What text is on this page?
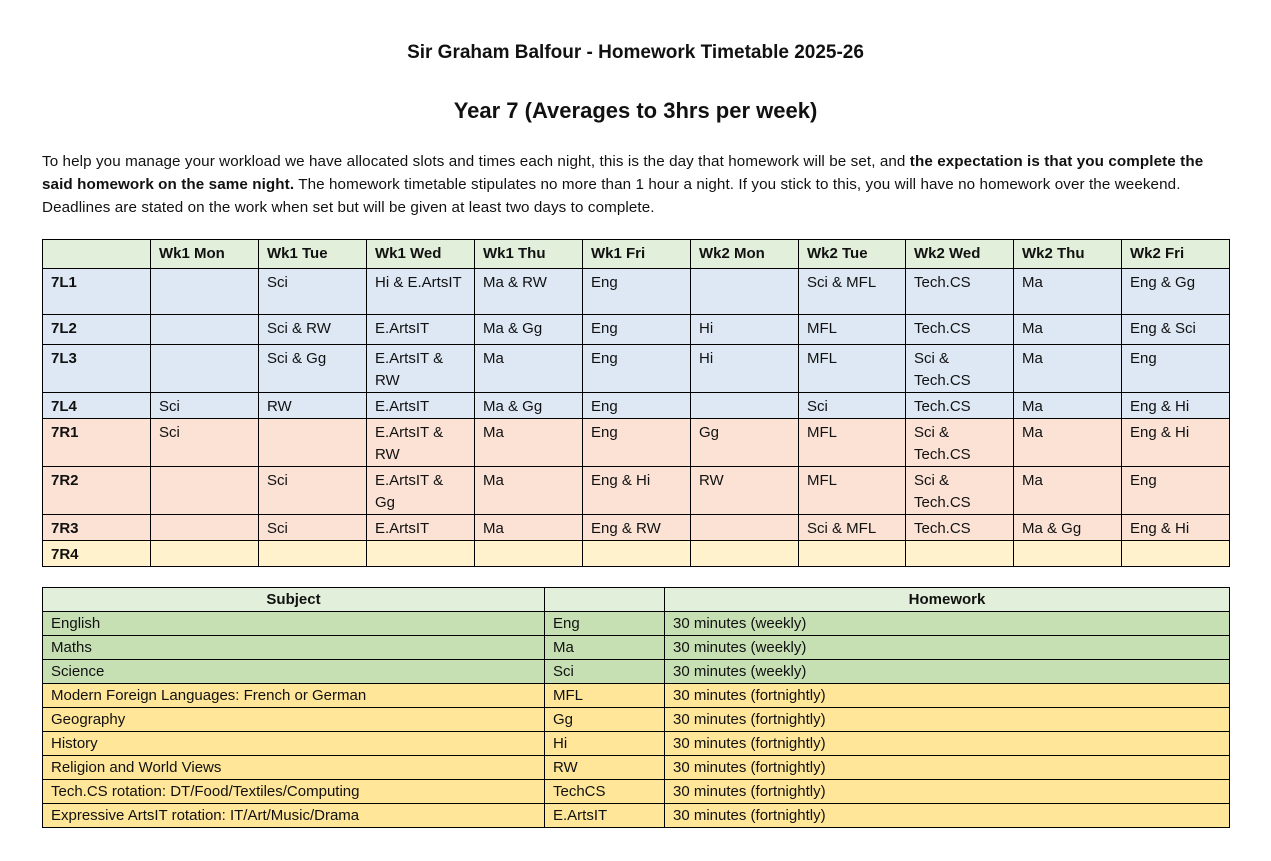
Sir Graham Balfour - Homework Timetable 2025-26
Year 7 (Averages to 3hrs per week)
To help you manage your workload we have allocated slots and times each night, this is the day that homework will be set, and the expectation is that you complete the said homework on the same night. The homework timetable stipulates no more than 1 hour a night. If you stick to this, you will have no homework over the weekend. Deadlines are stated on the work when set but will be given at least two days to complete.
	Wk1 Mon	Wk1 Tue	Wk1 Wed	Wk1 Thu	Wk1 Fri	Wk2 Mon	Wk2 Tue	Wk2 Wed	Wk2 Thu	Wk2 Fri
7L1		Sci	Hi & E.ArtsIT	Ma & RW	Eng		Sci & MFL	Tech.CS	Ma	Eng & Gg
7L2		Sci & RW	E.ArtsIT	Ma & Gg	Eng	Hi	MFL	Tech.CS	Ma	Eng & Sci
7L3		Sci & Gg	E.ArtsIT & RW	Ma	Eng	Hi	MFL	Sci & Tech.CS	Ma	Eng
7L4	Sci	RW	E.ArtsIT	Ma & Gg	Eng		Sci	Tech.CS	Ma	Eng & Hi
7R1	Sci		E.ArtsIT & RW	Ma	Eng	Gg	MFL	Sci & Tech.CS	Ma	Eng & Hi
7R2		Sci	E.ArtsIT & Gg	Ma	Eng & Hi	RW	MFL	Sci & Tech.CS	Ma	Eng
7R3		Sci	E.ArtsIT	Ma	Eng & RW		Sci & MFL	Tech.CS	Ma & Gg	Eng & Hi
7R4										
Subject		Homework
English	Eng	30 minutes (weekly)
Maths	Ma	30 minutes (weekly)
Science	Sci	30 minutes (weekly)
Modern Foreign Languages: French or German	MFL	30 minutes (fortnightly)
Geography	Gg	30 minutes (fortnightly)
History	Hi	30 minutes (fortnightly)
Religion and World Views	RW	30 minutes (fortnightly)
Tech.CS rotation: DT/Food/Textiles/Computing	TechCS	30 minutes (fortnightly)
Expressive ArtsIT rotation: IT/Art/Music/Drama	E.ArtsIT	30 minutes (fortnightly)
